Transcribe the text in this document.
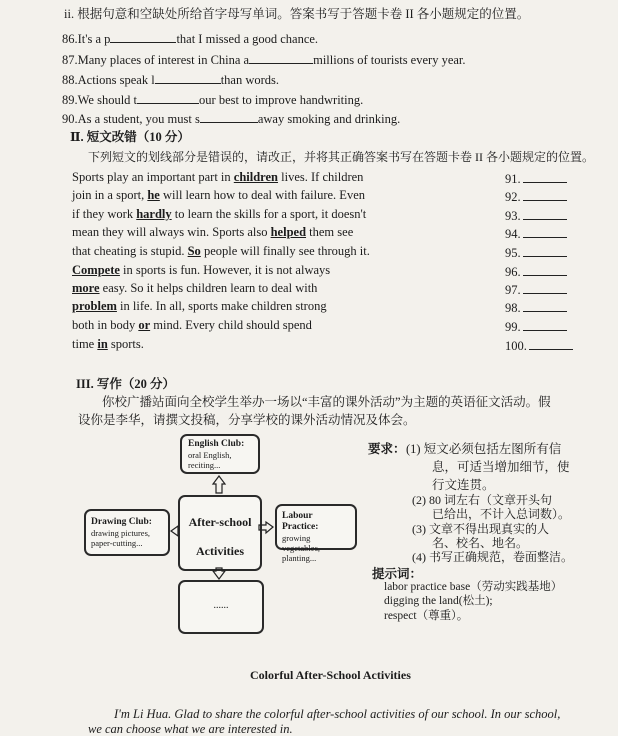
ii. 根据句意和空缺处所给首字母写单词。答案书写于答题卡卷 II 各小题规定的位置。
86.It's a p	that I missed a good chance.
87.Many places of interest in China a	millions of tourists every year.
88.Actions speak l	than words.
89.We should t	our best to improve handwriting.
90.As a student, you must s	away smoking and drinking.
Ⅱ. 短文改错（10 分）
下列短文的划线部分是错误的，请改正，并将其正确答案书写在答题卡卷 II 各小题规定的位置。
Sports play an important part in children lives. If children	91.
join in a sport, he will learn how to deal with failure. Even	92.
if they work hardly to learn the skills for a sport, it doesn't	93.
mean they will always win. Sports also helped them see	94.
that cheating is stupid. So people will finally see through it.	95.
Compete in sports is fun. However, it is not always	96.
more easy. So it helps children learn to deal with	97.
problem in life. In all, sports make children strong	98.
both in body or mind. Every child should spend	99.
time in sports.	100.
III. 写作（20 分）
你校广播站面向全校学生举办一场以“丰富的课外活动”为主题的英语征文活动。假
设你是李华，请撰文投稿，分享学校的课外活动情况及体会。
English Club:
oral English,
reciting...
Drawing Club:
drawing pictures,
paper-cutting...
After-school
Activities
Labour Practice:
growing vegetables,
planting...
......
要求： (1) 短文必须包括左图所有信
息，可适当增加细节，使
行文连贯。
(2) 80 词左右（文章开头句
已给出，不计入总词数）。
(3) 文章不得出现真实的人
名、校名、地名。
(4) 书写正确规范，卷面整洁。
提示词：
labor practice base（劳动实践基地）
digging the land(松土);
respect（尊重）。
Colorful After-School Activities
I'm Li Hua. Glad to share the colorful after-school activities of our school. In our school,
we can choose what we are interested in.
